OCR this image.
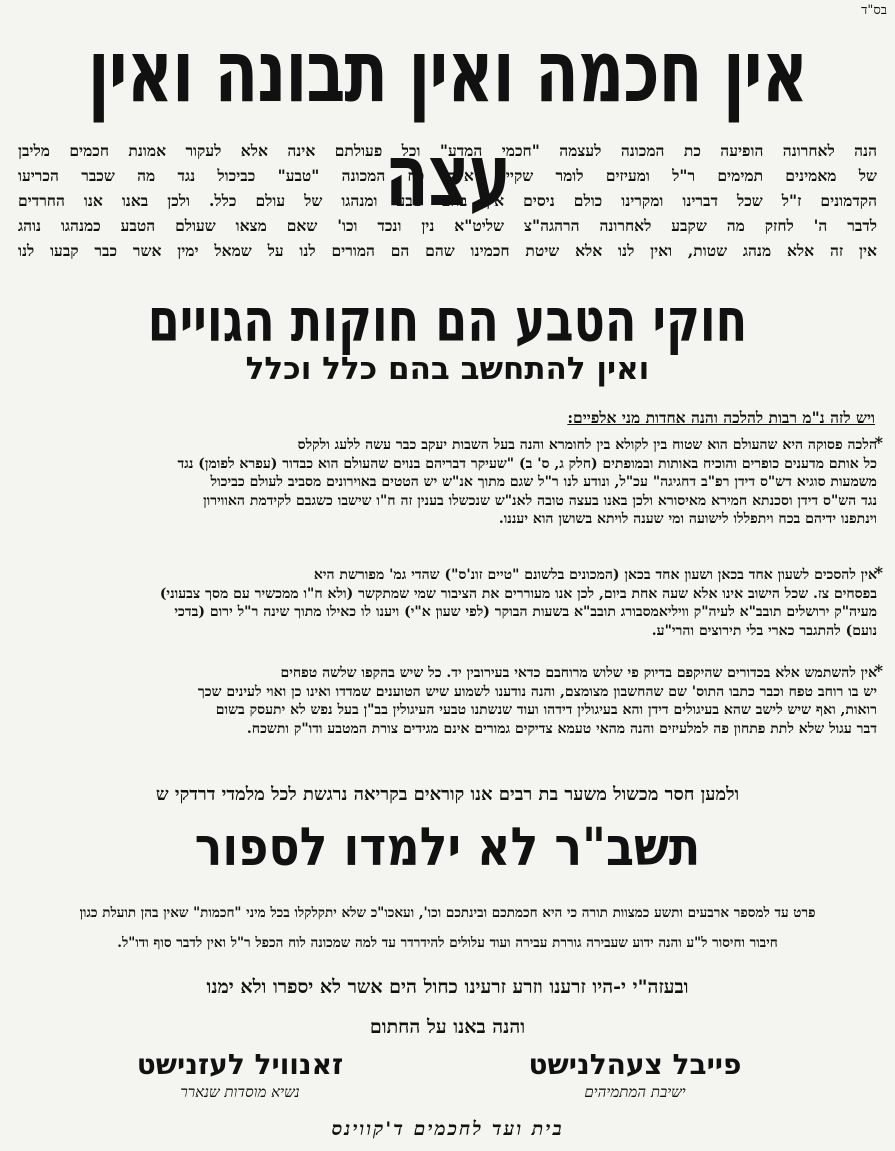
בס"ד
אין חכמה ואין תבונה ואין עצה

הנה לאחרונה הופיעה כת המכונה לעצמה "חכמי המדע" וכל פעולתם אינה אלא לעקור אמונת חכמים מליבן

של מאמינים תמימים ר"ל ומעיזים לומר שקיים איזה כח המכונה "טבע" כביכול נגד מה שכבר הכריעו

הקדמונים ז"ל שכל דברינו ומקרינו כולם ניסים אין בהם טבע ומנהגו של עולם כלל. ולכן באנו אנו החרדים

לדבר ה' לחזק מה שקבע לאחרונה הרהגה"צ שליט"א נין ונכד וכו' שאם מצאו שעולם הטבע כמנהגו נוהג

אין זה אלא מנהג שטות, ואין לנו אלא שיטת חכמינו שהם הם המורים לנו על שמאל ימין אשר כבר קבעו לנו

חוקי הטבע הם חוקות הגויים
ואין להתחשב בהם כלל וכלל
ויש לזה נ"מ רבות להלכה והנה אחדות מני אלפיים:
*

הלכה פסוקה היא שהעולם הוא שטוח בין לקולא בין לחומרא והנה בעל השבות יעקב כבר עשה ללעג ולקלס

כל אותם מדענים כופרים והוכיח באותות ובמופתים (חלק ג, ס' ב) "שעיקר דבריהם בנוים שהעולם הוא כבדור (עפרא לפומן) נגד

משמעות סוגיא דש"ס דידן רפ"ב דחגיגה" עכ"ל, ונודע לנו ר"ל שגם מתוך אנ"ש יש הטטים באוירונים מסביב לעולם כביכול

נגד הש"ס דידן וסכנתא חמירא מאיסורא ולכן באנו בעצה טובה לאנ"ש שנכשלו בענין זה ח"ו שישבו כשגבם לקידמת האווירון

וינתפנו ידיהם בכח ויתפללו לישועה ומי שענה לויתא בשושן הוא יעננו.

*

אין להסכים לשעון אחד בכאן ושעון אחד בכאן (המכונים בלשונם "טיים זונ'ס") שהדי גמ' מפורשת היא

בפסחים צז. שכל הישוב אינו אלא שעה אחת ביום, לכן אנו מעוררים את הציבור שמי שמתקשר (ולא ח"ו ממכשיר עם מסך צבעוני)

מעיה"ק ירושלים תובב"א לעיה"ק וויליאמסבורג תובב"א בשעות הבוקר (לפי שעון א"י) ויענו לו כאילו מתוך שינה ר"ל ירום (בדכי

נועם) להתגבר כארי בלי תירוצים והרי"ע.

*

אין להשתמש אלא בכדורים שהיקפם בדיוק פי שלוש מרוחבם כדאי בעירובין יד. כל שיש בהקפו שלשה טפחים

יש בו רוחב טפח וכבר כתבו התוס' שם שהחשבון מצומצם, והנה נודענו לשמוע שיש הטוענים שמדדו ואינו כן ואוי לעינים שכך

רואות, ואף שיש לישב שהא בעיגולים דידן והא בעיגולין דידהו ועוד שנשתנו טבעי העיגולין בב"ן בעל נפש לא יתעסק בשום

דבר עגול שלא לתת פתחון פה למלעיזים והנה מהאי טעמא צדיקים גמורים אינם מגידים צורת המטבע ודו"ק ותשכח.

ולמען חסר מכשול משער בת רבים אנו קוראים בקריאה נרגשת לכל מלמדי דרדקי ש
תשב"ר לא ילמדו לספור

פרט עד למספר ארבעים ותשע כמצוות תורה כי היא חכמתכם ובינתכם וכו', ועאכו"כ שלא יתקלקלו בכל מיני "חכמות" שאין בהן תועלת כגון

חיבור וחיסור ל"ע והנה ידוע שעבירה גוררת עבירה ועוד עלולים להידרדר עד למה שמכונה לוח הכפל ר"ל ואין לדבר סוף ודו"ל.

ובעזה"י י-היו זרענו וזרע זרעינו כחול הים אשר לא יספרו ולא ימנו
והנה באנו על החתום
פייבל צעהלנישט
ישיבת המתמיהים
זאנוויל לעזנישט
נשיא מוסדות שנארר
בית ועד לחכמים ד'קווינס
